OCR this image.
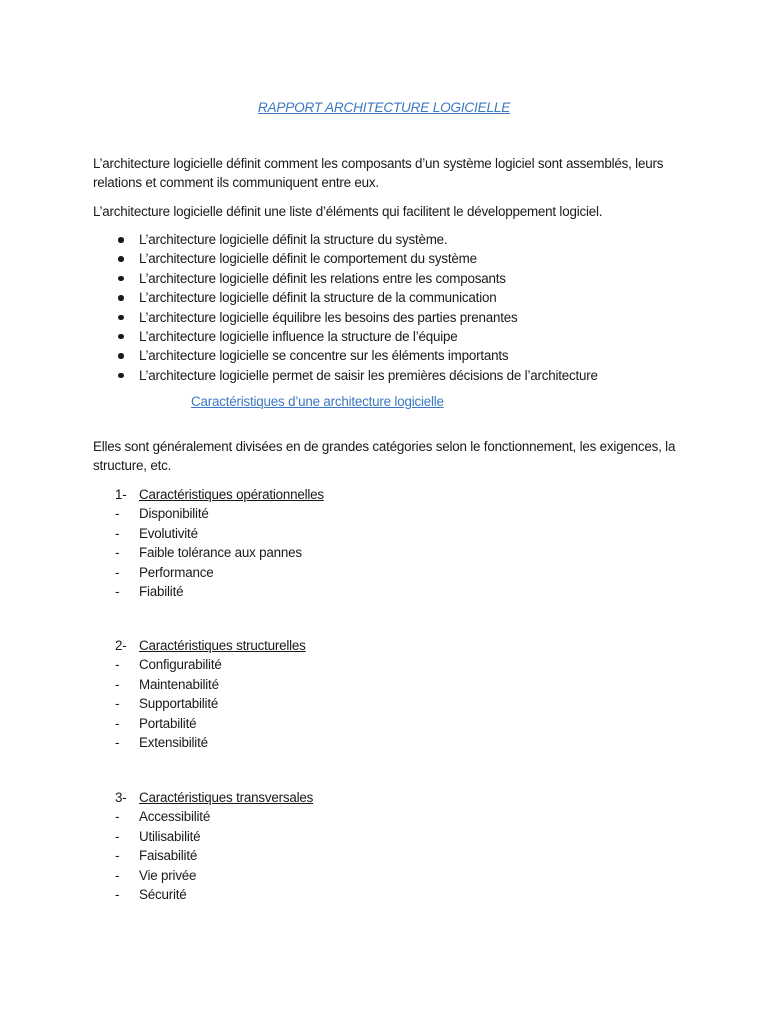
RAPPORT ARCHITECTURE LOGICIELLE
L’architecture logicielle définit comment les composants d’un système logiciel sont assemblés, leurs relations et comment ils communiquent entre eux.
L’architecture logicielle définit une liste d’éléments qui facilitent le développement logiciel.
L’architecture logicielle définit la structure du système.
L’architecture logicielle définit le comportement du système
L’architecture logicielle définit les relations entre les composants
L’architecture logicielle définit la structure de la communication
L’architecture logicielle équilibre les besoins des parties prenantes
L’architecture logicielle influence la structure de l’équipe
L’architecture logicielle se concentre sur les éléments importants
L’architecture logicielle permet de saisir les premières décisions de l’architecture
Caractéristiques d’une architecture logicielle
Elles sont généralement divisées en de grandes catégories selon le fonctionnement, les exigences, la structure, etc.
1- Caractéristiques opérationnelles
- Disponibilité
- Evolutivité
- Faible tolérance aux pannes
- Performance
- Fiabilité
2- Caractéristiques structurelles
- Configurabilité
- Maintenabilité
- Supportabilité
- Portabilité
- Extensibilité
3- Caractéristiques transversales
- Accessibilité
- Utilisabilité
- Faisabilité
- Vie privée
- Sécurité
